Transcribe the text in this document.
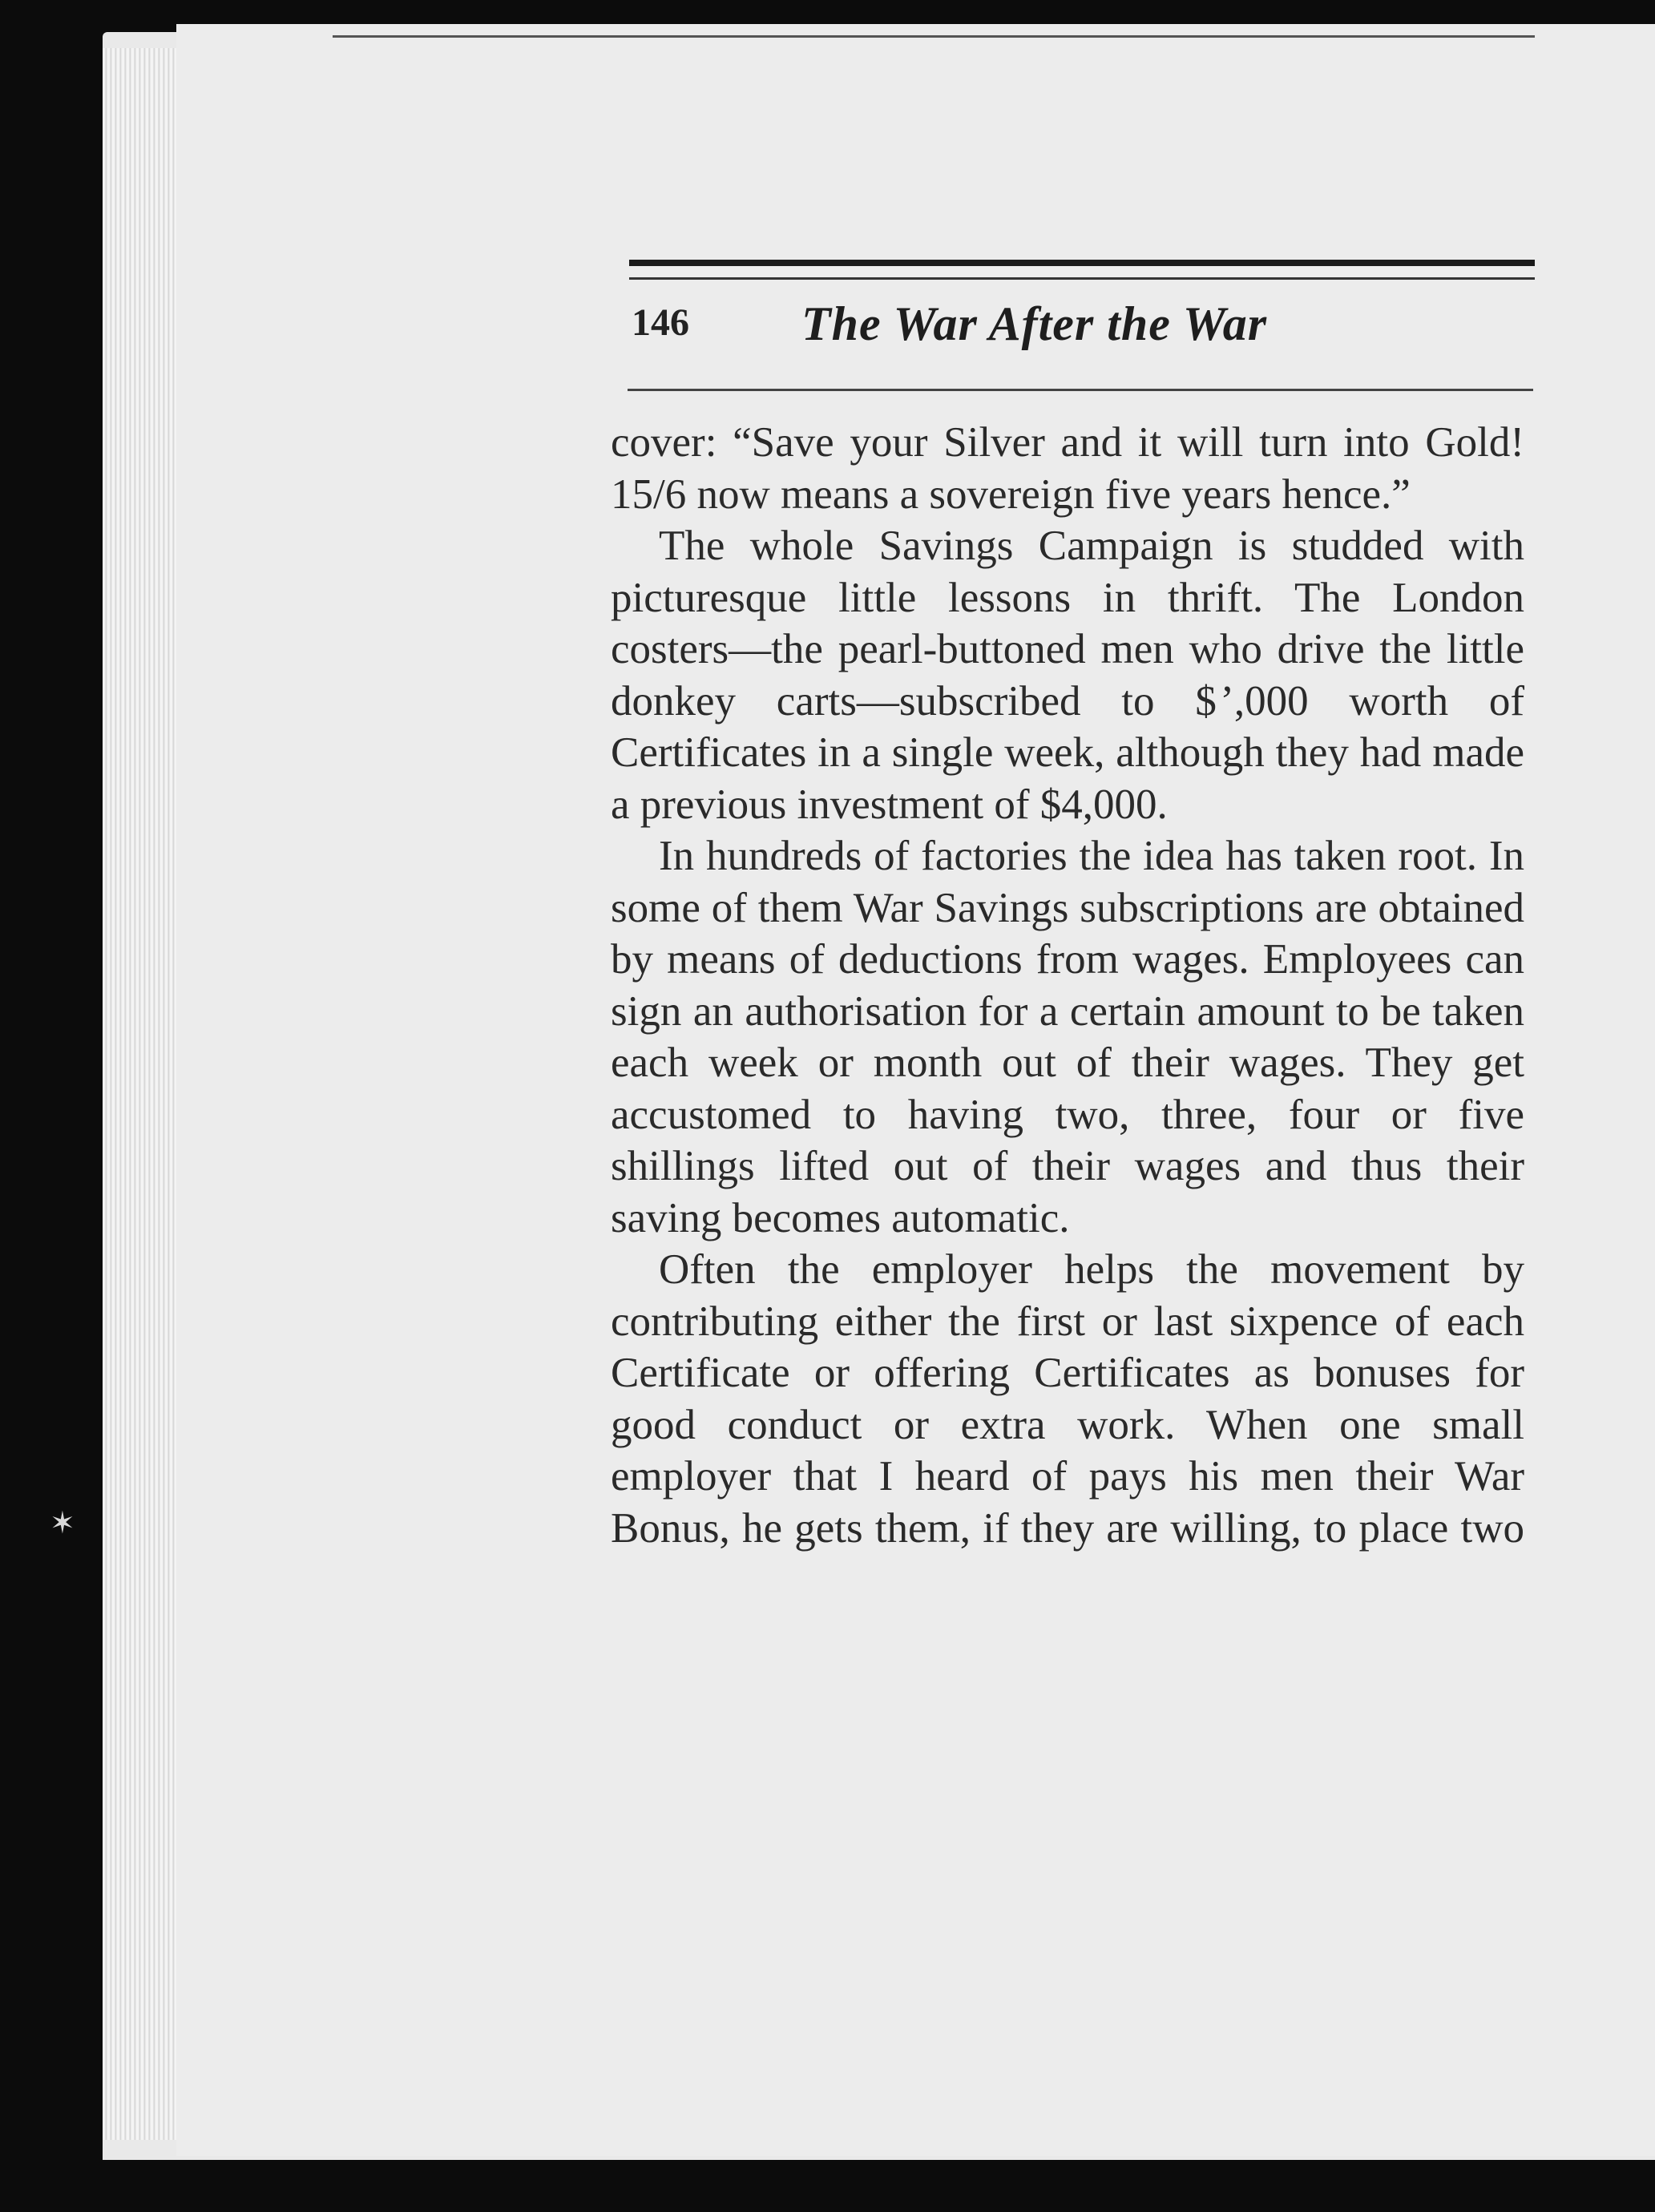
146 The War After the War

cover: “Save your Silver and it will turn into Gold! 15/6 now means a sovereign five years hence.”

The whole Savings Campaign is studded with picturesque little lessons in thrift. The London costers—the pearl-buttoned men who drive the little donkey carts—subscribed to $ ’,000 worth of Certificates in a single week, although they had made a previous investment of $4,000.

In hundreds of factories the idea has taken root. In some of them War Savings subscriptions are obtained by means of deductions from wages. Employees can sign an authorisation for a certain amount to be taken each week or month out of their wages. They get accustomed to having two, three, four or five shillings lifted out of their wages and thus their saving becomes automatic.

Often the employer helps the movement by contributing either the first or last sixpence of each Certificate or offering Certificates as bonuses for good conduct or extra work. When one small employer that I heard of pays his men their War Bonus, he gets them, if they are willing, to place two

✶
